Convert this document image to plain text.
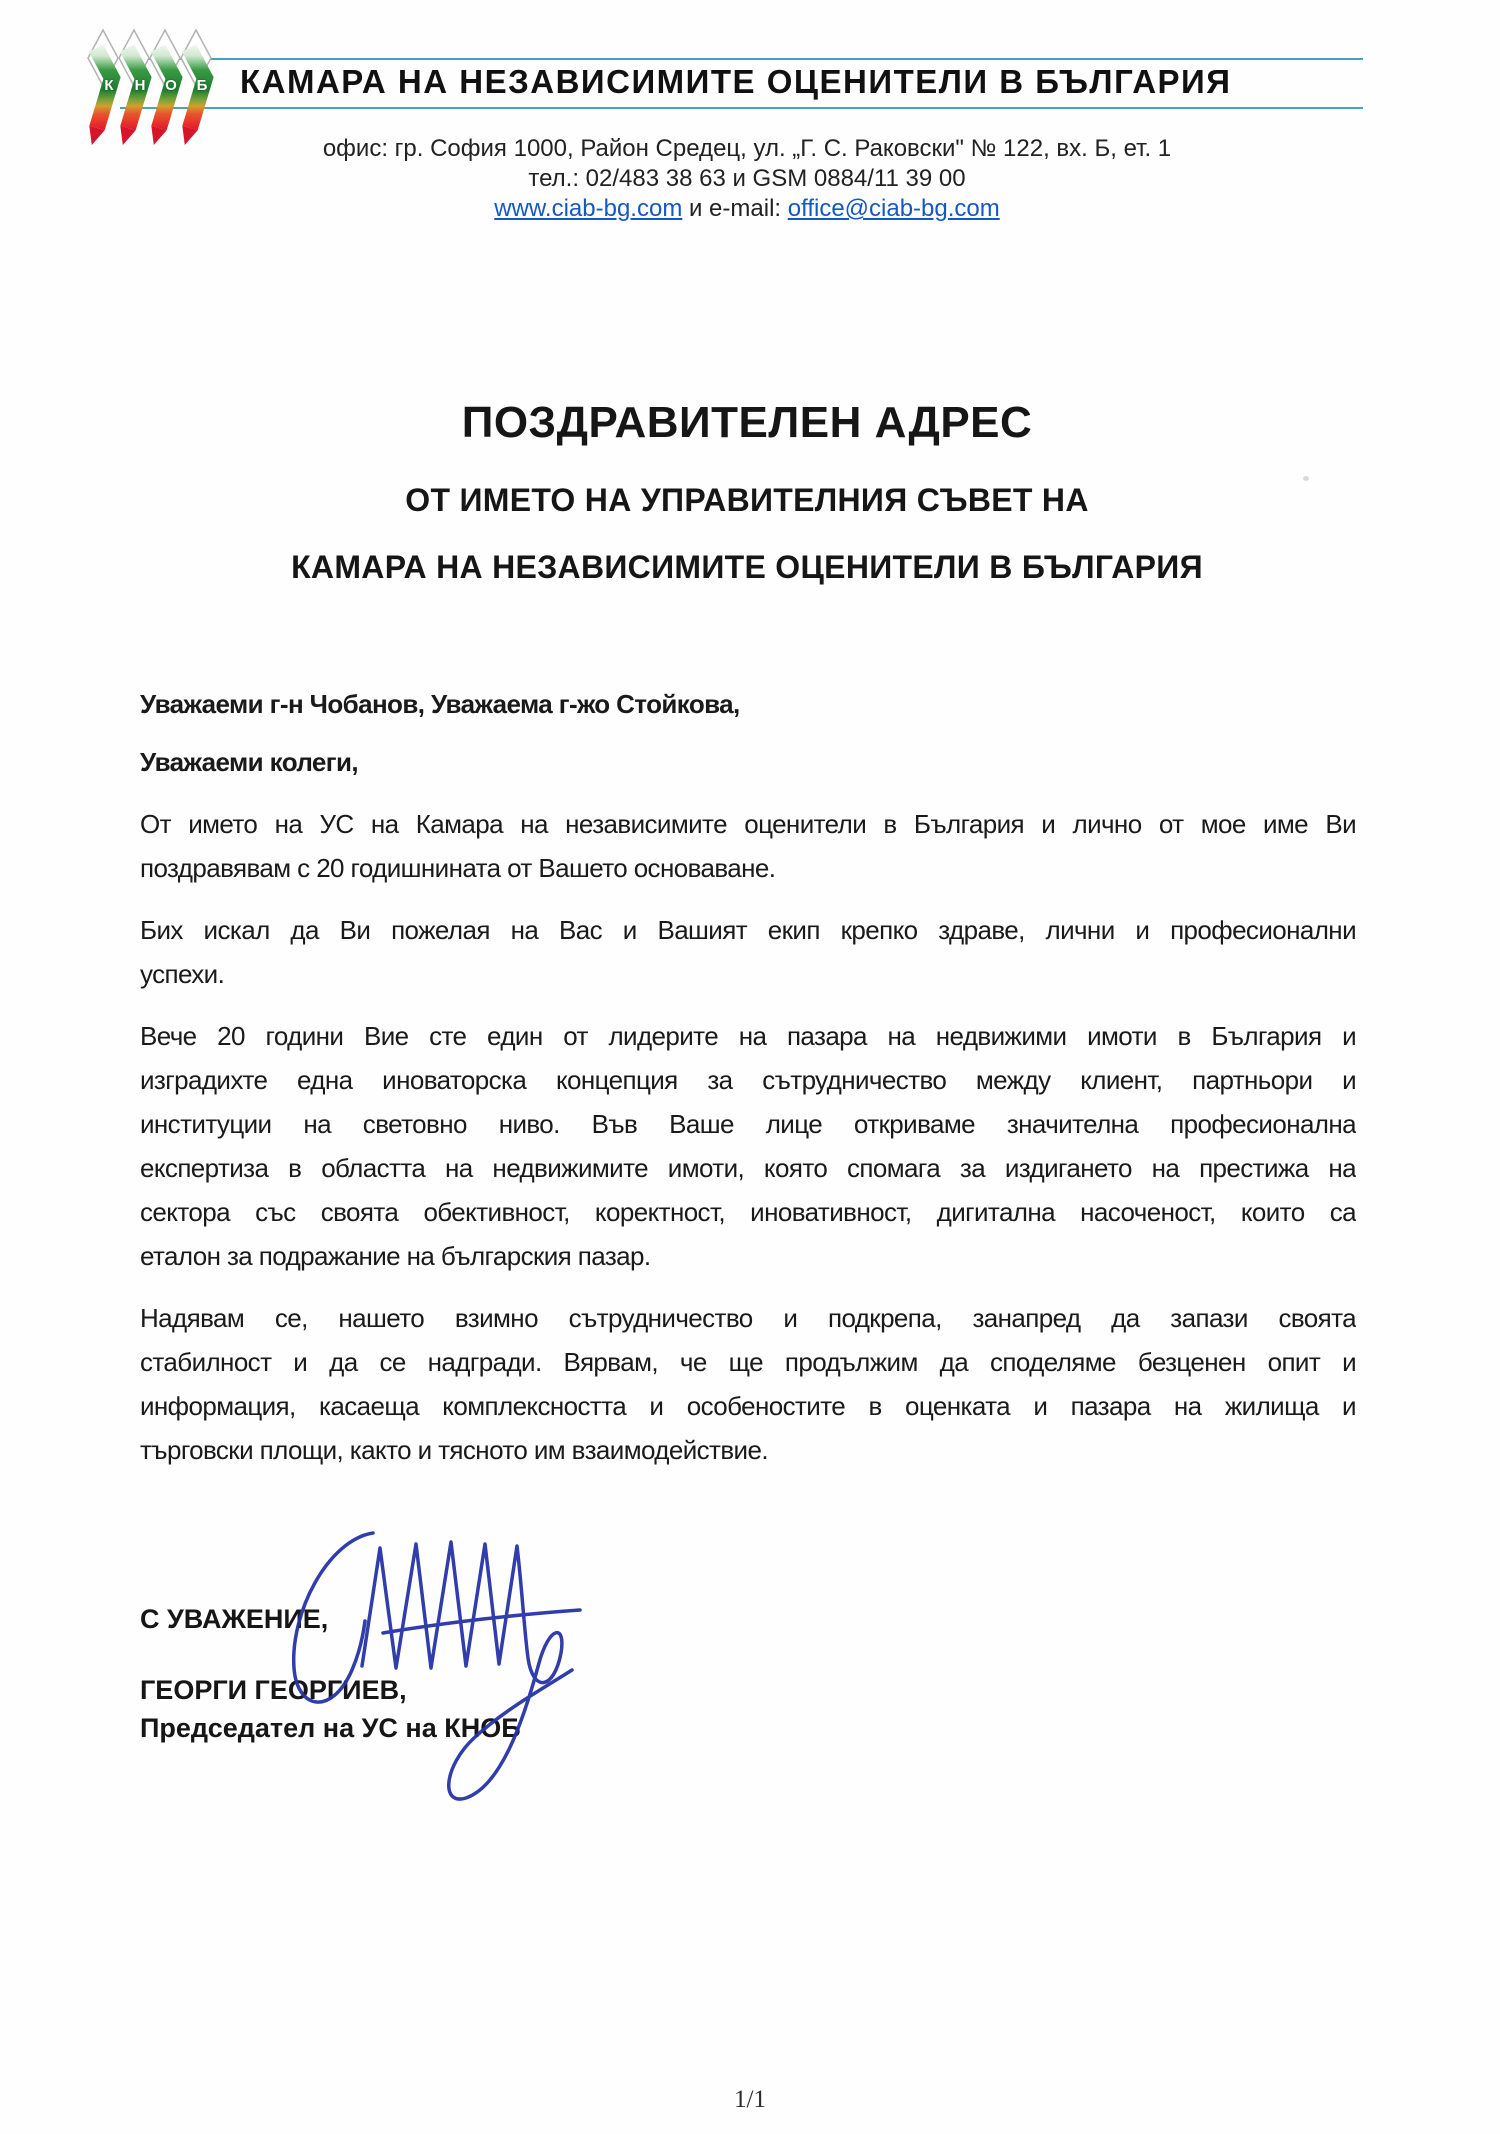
К	Н	О	Б КАМАРА НА НЕЗАВИСИМИТЕ ОЦЕНИТЕЛИ В БЪЛГАРИЯ
офис: гр. София 1000, Район Средец, ул. „Г. С. Раковски" № 122, вх. Б, ет. 1
тел.: 02/483 38 63 и GSM 0884/11 39 00
www.ciab-bg.com и e-mail: office@ciab-bg.com
ПОЗДРАВИТЕЛЕН АДРЕС
ОТ ИМЕТО НА УПРАВИТЕЛНИЯ СЪВЕТ НА
КАМАРА НА НЕЗАВИСИМИТЕ ОЦЕНИТЕЛИ В БЪЛГАРИЯ
Уважаеми г-н Чобанов, Уважаема г-жо Стойкова,
Уважаеми колеги,
От името на УС на Камара на независимите оценители в България и лично от мое име Ви
поздравявам с 20 годишнината от Вашето основаване.
Бих искал да Ви пожелая на Вас и Вашият екип крепко здраве, лични и професионални
успехи.
Вече 20 години Вие сте един от лидерите на пазара на недвижими имоти в България и
изградихте една иноваторска концепция за сътрудничество между клиент, партньори и
институции на световно ниво. Във Ваше лице откриваме значителна професионална
експертиза в областта на недвижимите имоти, която спомага за издигането на престижа на
сектора със своята обективност, коректност, иновативност, дигитална насоченост, които са
еталон за подражание на българския пазар.
Надявам се, нашето взимно сътрудничество и подкрепа, занапред да запази своята
стабилност и да се надгради. Вярвам, че ще продължим да споделяме безценен опит и
информация, касаеща комплексността и особеностите в оценката и пазара на жилища и
търговски площи, както и тясното им взаимодействие.
С УВАЖЕНИЕ,
ГЕОРГИ ГЕОРГИЕВ,
Председател на УС на КНОБ
1/1
